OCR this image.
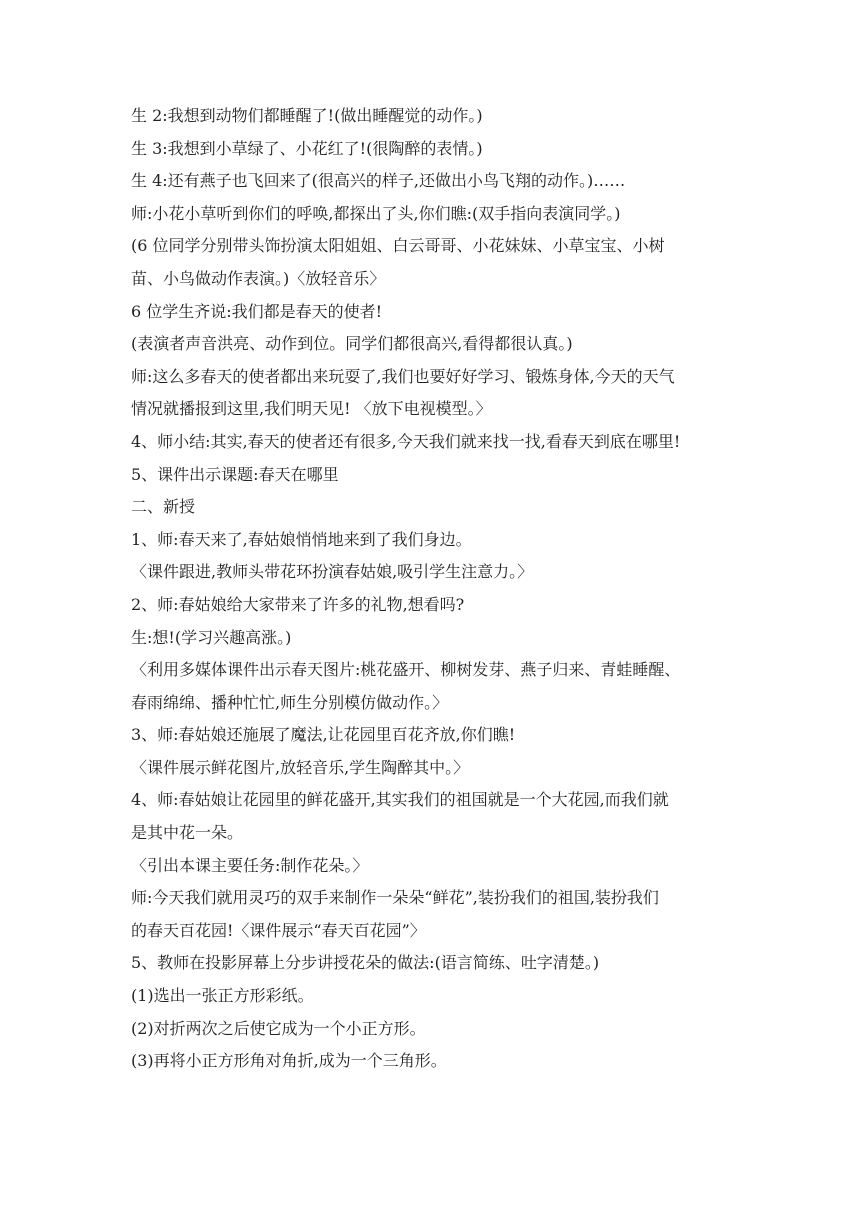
生 2:我想到动物们都睡醒了!(做出睡醒觉的动作。)
生 3:我想到小草绿了、小花红了!(很陶醉的表情。)
生 4:还有燕子也飞回来了(很高兴的样子,还做出小鸟飞翔的动作。)……
师:小花小草听到你们的呼唤,都探出了头,你们瞧:(双手指向表演同学。)
(6 位同学分别带头饰扮演太阳姐姐、白云哥哥、小花妹妹、小草宝宝、小树
苗、小鸟做动作表演。)〈放轻音乐〉
6 位学生齐说:我们都是春天的使者!
(表演者声音洪亮、动作到位。同学们都很高兴,看得都很认真。)
师:这么多春天的使者都出来玩耍了,我们也要好好学习、锻炼身体,今天的天气
情况就播报到这里,我们明天见! 〈放下电视模型。〉
4、师小结:其实,春天的使者还有很多,今天我们就来找一找,看春天到底在哪里!
5、课件出示课题:春天在哪里
二、新授
1、师:春天来了,春姑娘悄悄地来到了我们身边。
〈课件跟进,教师头带花环扮演春姑娘,吸引学生注意力。〉
2、师:春姑娘给大家带来了许多的礼物,想看吗?
生:想!(学习兴趣高涨。)
〈利用多媒体课件出示春天图片:桃花盛开、柳树发芽、燕子归来、青蛙睡醒、
春雨绵绵、播种忙忙,师生分别模仿做动作。〉
3、师:春姑娘还施展了魔法,让花园里百花齐放,你们瞧!
〈课件展示鲜花图片,放轻音乐,学生陶醉其中。〉
4、师:春姑娘让花园里的鲜花盛开,其实我们的祖国就是一个大花园,而我们就
是其中花一朵。
〈引出本课主要任务:制作花朵。〉
师:今天我们就用灵巧的双手来制作一朵朵“鲜花”,装扮我们的祖国,装扮我们
的春天百花园!〈课件展示“春天百花园”〉
5、教师在投影屏幕上分步讲授花朵的做法:(语言简练、吐字清楚。)
(1)选出一张正方形彩纸。
(2)对折两次之后使它成为一个小正方形。
(3)再将小正方形角对角折,成为一个三角形。
